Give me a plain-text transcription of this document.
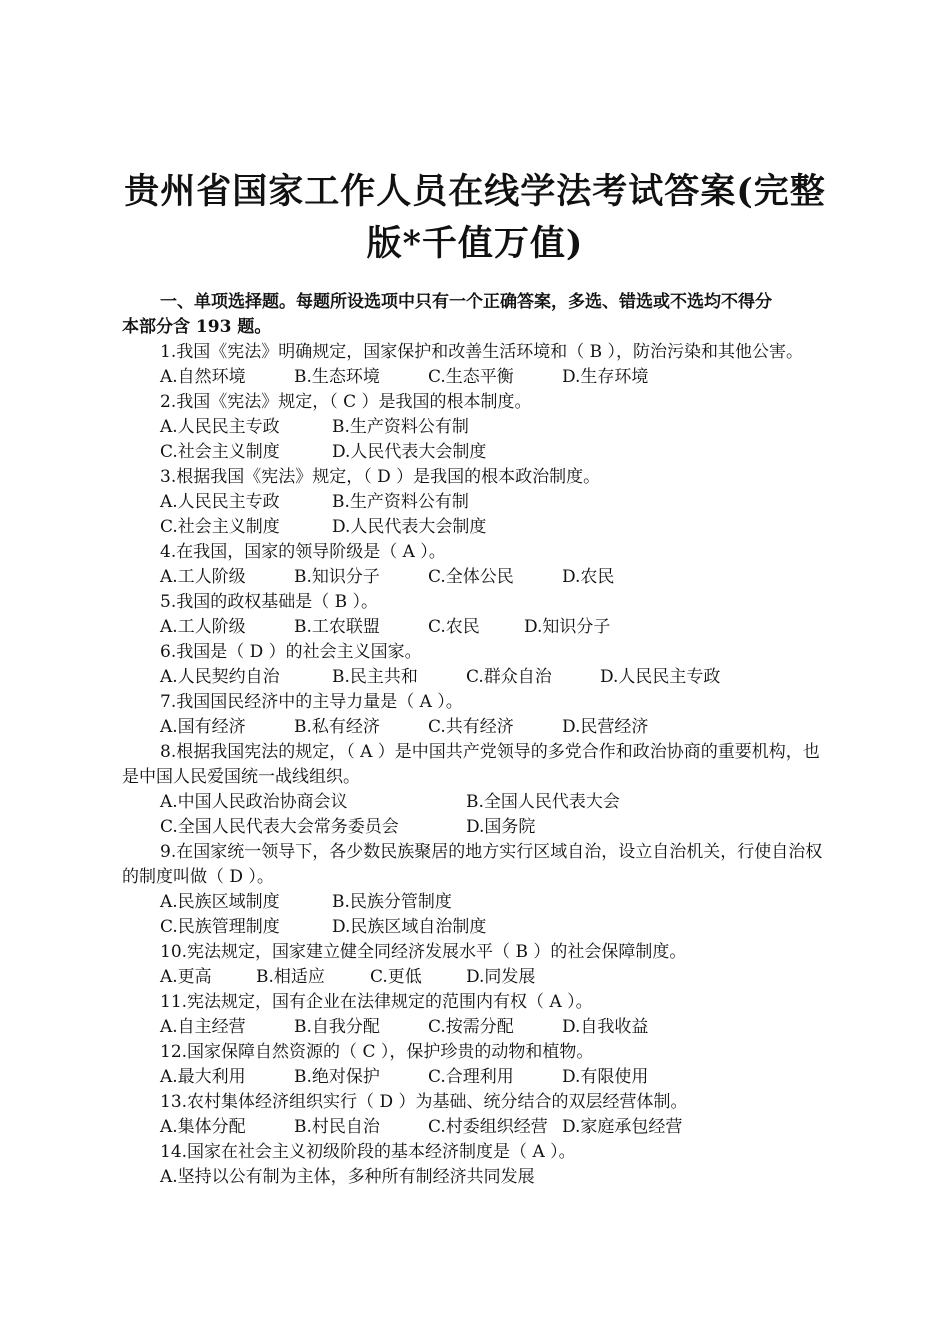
贵州省国家工作人员在线学法考试答案(完整
版*千值万值)

一、单项选择题。每题所设选项中只有一个正确答案，多选、错选或不选均不得分

本部分含 193 题。

1.我国《宪法》明确规定，国家保护和改善生活环境和（ B ），防治污染和其他公害。

A.自然环境	B.生态环境	C.生态平衡	D.生存环境

2.我国《宪法》规定，（ C ）是我国的根本制度。

A.人民民主专政	B.生产资料公有制

C.社会主义制度	D.人民代表大会制度

3.根据我国《宪法》规定，（ D ）是我国的根本政治制度。

A.人民民主专政	B.生产资料公有制

C.社会主义制度	D.人民代表大会制度

4.在我国，国家的领导阶级是（ A ）。

A.工人阶级	B.知识分子	C.全体公民	D.农民

5.我国的政权基础是（ B ）。

A.工人阶级	B.工农联盟	C.农民	D.知识分子

6.我国是（ D ）的社会主义国家。

A.人民契约自治	B.民主共和	C.群众自治	D.人民民主专政

7.我国国民经济中的主导力量是（ A ）。

A.国有经济	B.私有经济	C.共有经济	D.民营经济

8.根据我国宪法的规定，（ A ）是中国共产党领导的多党合作和政治协商的重要机构，也是中国人民爱国统一战线组织。

A.中国人民政治协商会议	B.全国人民代表大会

C.全国人民代表大会常务委员会	D.国务院

9.在国家统一领导下，各少数民族聚居的地方实行区域自治，设立自治机关，行使自治权的制度叫做（ D ）。

A.民族区域制度	B.民族分管制度

C.民族管理制度	D.民族区域自治制度

10.宪法规定，国家建立健全同经济发展水平（ B ）的社会保障制度。

A.更高	B.相适应	C.更低	D.同发展

11.宪法规定，国有企业在法律规定的范围内有权（ A ）。

A.自主经营	B.自我分配	C.按需分配	D.自我收益

12.国家保障自然资源的（ C ），保护珍贵的动物和植物。

A.最大利用	B.绝对保护	C.合理利用	D.有限使用

13.农村集体经济组织实行（ D ）为基础、统分结合的双层经营体制。

A.集体分配	B.村民自治	C.村委组织经营 D.家庭承包经营

14.国家在社会主义初级阶段的基本经济制度是（ A ）。

A.坚持以公有制为主体，多种所有制经济共同发展
